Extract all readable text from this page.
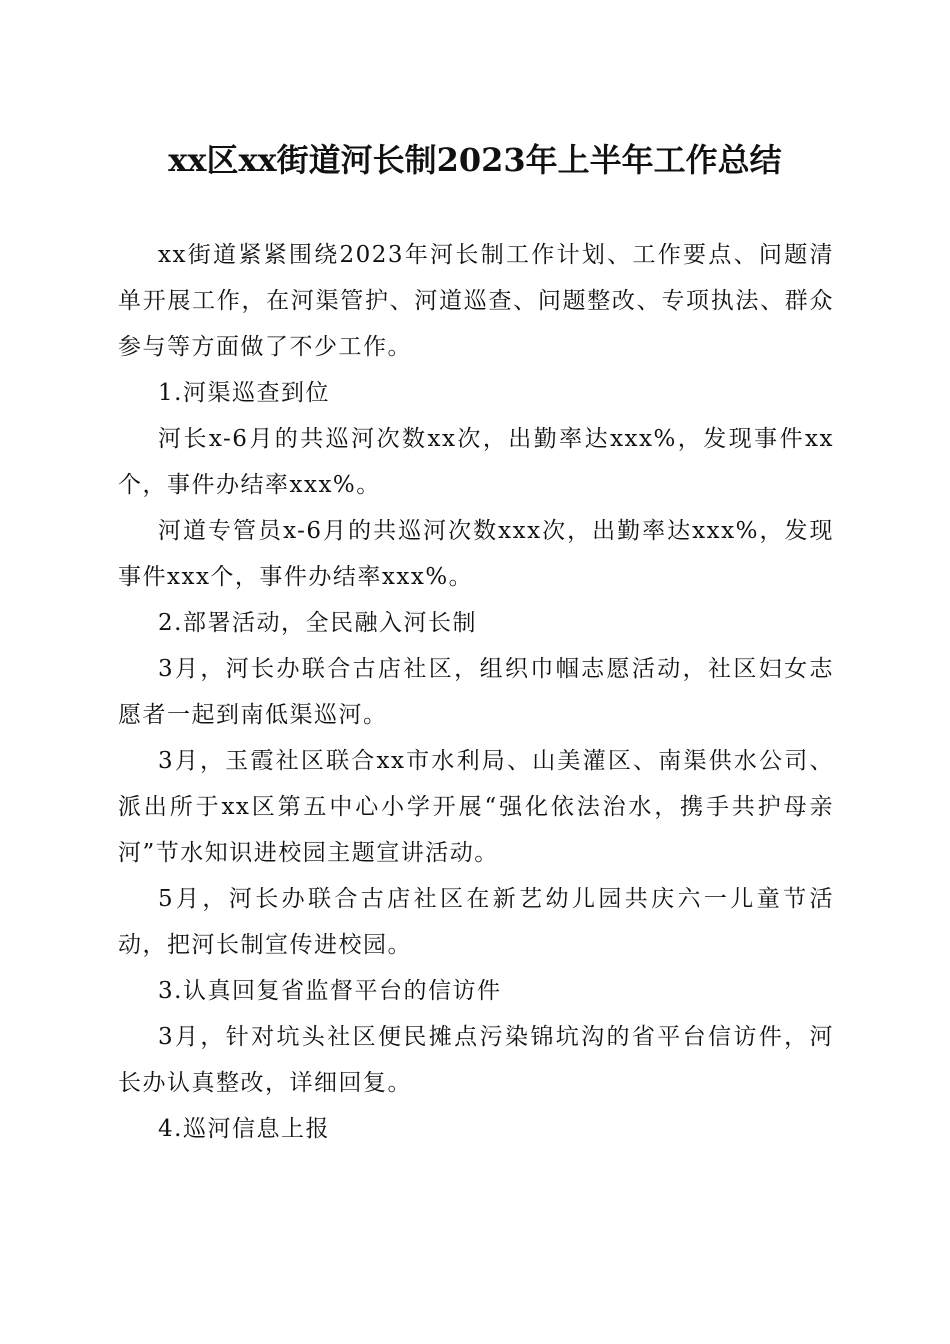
xx区xx街道河长制2023年上半年工作总结

xx街道紧紧围绕2023年河长制工作计划、工作要点、问题清单开展工作，在河渠管护、河道巡查、问题整改、专项执法、群众参与等方面做了不少工作。

1.河渠巡查到位

河长x-6月的共巡河次数xx次，出勤率达xxx%，发现事件xx个，事件办结率xxx%。

河道专管员x-6月的共巡河次数xxx次，出勤率达xxx%，发现事件xxx个，事件办结率xxx%。

2.部署活动，全民融入河长制

3月，河长办联合古店社区，组织巾帼志愿活动，社区妇女志愿者一起到南低渠巡河。

3月，玉霞社区联合xx市水利局、山美灌区、南渠供水公司、派出所于xx区第五中心小学开展“强化依法治水，携手共护母亲河”节水知识进校园主题宣讲活动。

5月，河长办联合古店社区在新艺幼儿园共庆六一儿童节活动，把河长制宣传进校园。

3.认真回复省监督平台的信访件

3月，针对坑头社区便民摊点污染锦坑沟的省平台信访件，河长办认真整改，详细回复。

4.巡河信息上报
